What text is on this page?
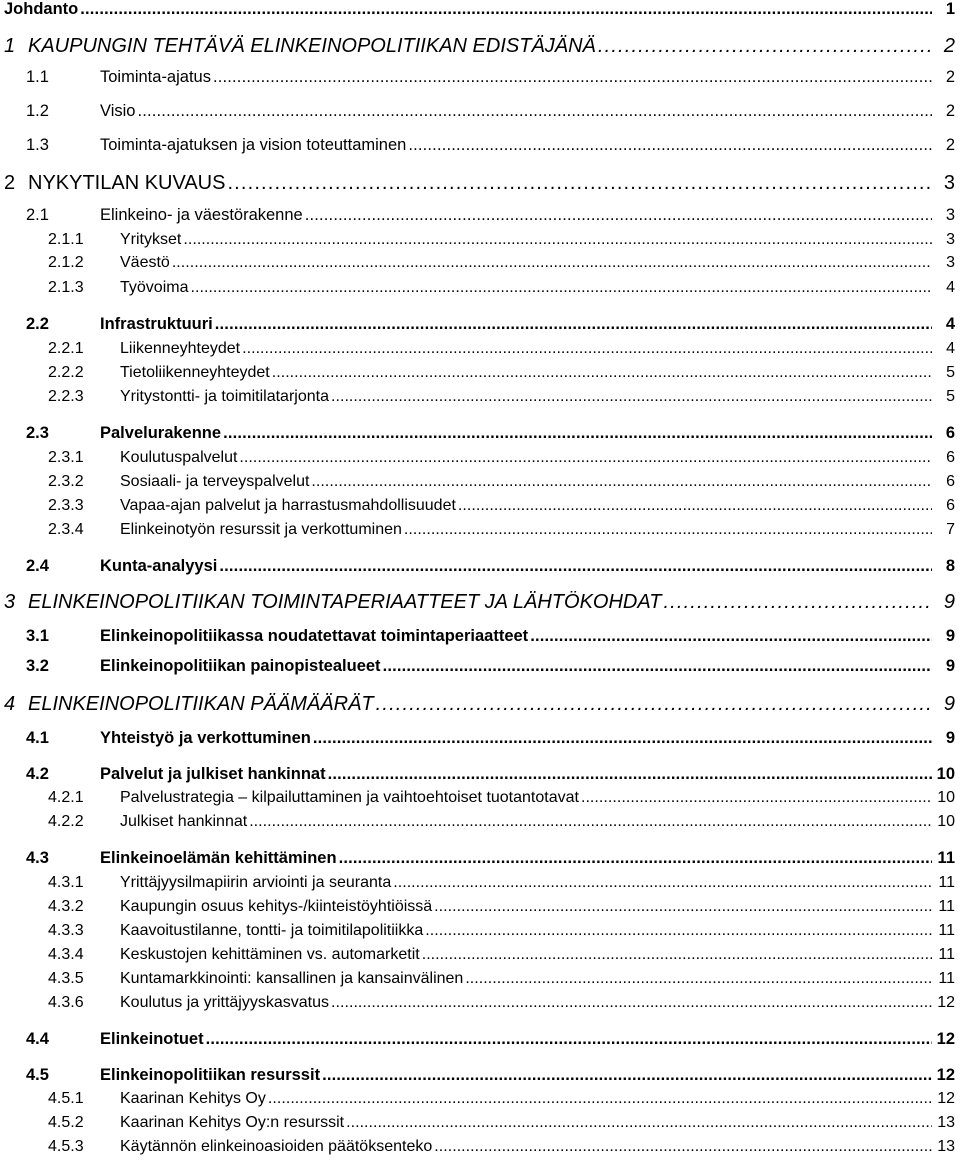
Johdanto . . .	1
1 KAUPUNGIN TEHTÄVÄ ELINKEINOPOLITIIKAN EDISTÄJÄNÄ . . .	2
1.1	Toiminta-ajatus . . .	2
1.2	Visio . . .	2
1.3	Toiminta-ajatuksen ja vision toteuttaminen . . .	2
2 NYKYTILAN KUVAUS . . .	3
2.1	Elinkeino- ja väestörakenne . . .	3
2.1.1 Yritykset . . .	3
2.1.2 Väestö . . .	3
2.1.3 Työvoima . . .	4
2.2	Infrastruktuuri . . .	4
2.2.1 Liikenneyhteydet . . .	4
2.2.2 Tietoliikenneyhteydet . . .	5
2.2.3 Yritystontti- ja toimitilatarjonta . . .	5
2.3	Palvelurakenne . . .	6
2.3.1 Koulutuspalvelut . . .	6
2.3.2 Sosiaali- ja terveyspalvelut . . .	6
2.3.3 Vapaa-ajan palvelut ja harrastusmahdollisuudet . . .	6
2.3.4 Elinkeinotyön resurssit ja verkottuminen . . .	7
2.4	Kunta-analyysi . . .	8
3 ELINKEINOPOLITIIKAN TOIMINTAPERIAATTEET JA LÄHTÖKOHDAT . . .	9
3.1	Elinkeinopolitiikassa noudatettavat toimintaperiaatteet . . .	9
3.2	Elinkeinopolitiikan painopistealueet . . .	9
4 ELINKEINOPOLITIIKAN PÄÄMÄÄRÄT . . .	9
4.1	Yhteistyö ja verkottuminen . . .	9
4.2	Palvelut ja julkiset hankinnat . . .	10
4.2.1 Palvelustrategia – kilpailuttaminen ja vaihtoehtoiset tuotantotavat . . .	10
4.2.2 Julkiset hankinnat . . .	10
4.3	Elinkeinoelämän kehittäminen . . .	11
4.3.1 Yrittäjyysilmapiirin arviointi ja seuranta . . .	11
4.3.2 Kaupungin osuus kehitys-/kiinteistöyhtiöissä . . .	11
4.3.3 Kaavoitustilanne, tontti- ja toimitilapolitiikka . . .	11
4.3.4 Keskustojen kehittäminen vs. automarketit . . .	11
4.3.5 Kuntamarkkinointi: kansallinen ja kansainvälinen . . .	11
4.3.6 Koulutus ja yrittäjyyskasvatus . . .	12
4.4	Elinkeinotuet . . .	12
4.5	Elinkeinopolitiikan resurssit . . .	12
4.5.1 Kaarinan Kehitys Oy . . .	12
4.5.2 Kaarinan Kehitys Oy:n resurssit . . .	13
4.5.3 Käytännön elinkeinoasioiden päätöksenteko . . .	13
